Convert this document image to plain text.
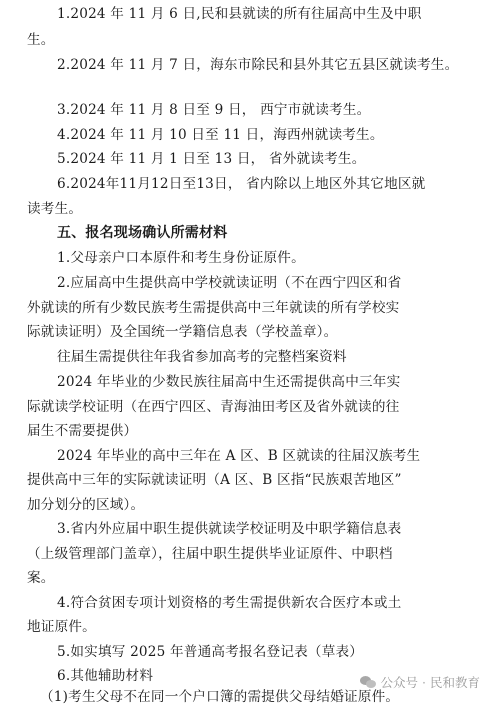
1.2024 年 11 月 6 日,民和县就读的所有往届高中生及中职
生。
2.2024 年 11 月 7 日，海东市除民和县外其它五县区就读考生。
3.2024 年 11 月 8 日至 9 日， 西宁市就读考生。
4.2024 年 11 月 10 日至 11 日，海西州就读考生。
5.2024 年 11 月 1 日至 13 日， 省外就读考生。
6.2024年11月12日至13日， 省内除以上地区外其它地区就
读考生。
五、报名现场确认所需材料
1.父母亲户口本原件和考生身份证原件。
2.应届高中生提供高中学校就读证明（不在西宁四区和省
外就读的所有少数民族考生需提供高中三年就读的所有学校实
际就读证明）及全国统一学籍信息表（学校盖章）。
往届生需提供往年我省参加高考的完整档案资料
2024 年毕业的少数民族往届高中生还需提供高中三年实
际就读学校证明（在西宁四区、青海油田考区及省外就读的往
届生不需要提供）
2024 年毕业的高中三年在 A 区、B 区就读的往届汉族考生
提供高中三年的实际就读证明（A 区、B 区指“民族艰苦地区”
加分划分的区域）。
3.省内外应届中职生提供就读学校证明及中职学籍信息表
（上级管理部门盖章），往届中职生提供毕业证原件、中职档
案。
4.符合贫困专项计划资格的考生需提供新农合医疗本或土
地证原件。
5.如实填写 2025 年普通高考报名登记表（草表）
6.其他辅助材料
（1)考生父母不在同一个户口簿的需提供父母结婚证原件。
公众号 · 民和教育
